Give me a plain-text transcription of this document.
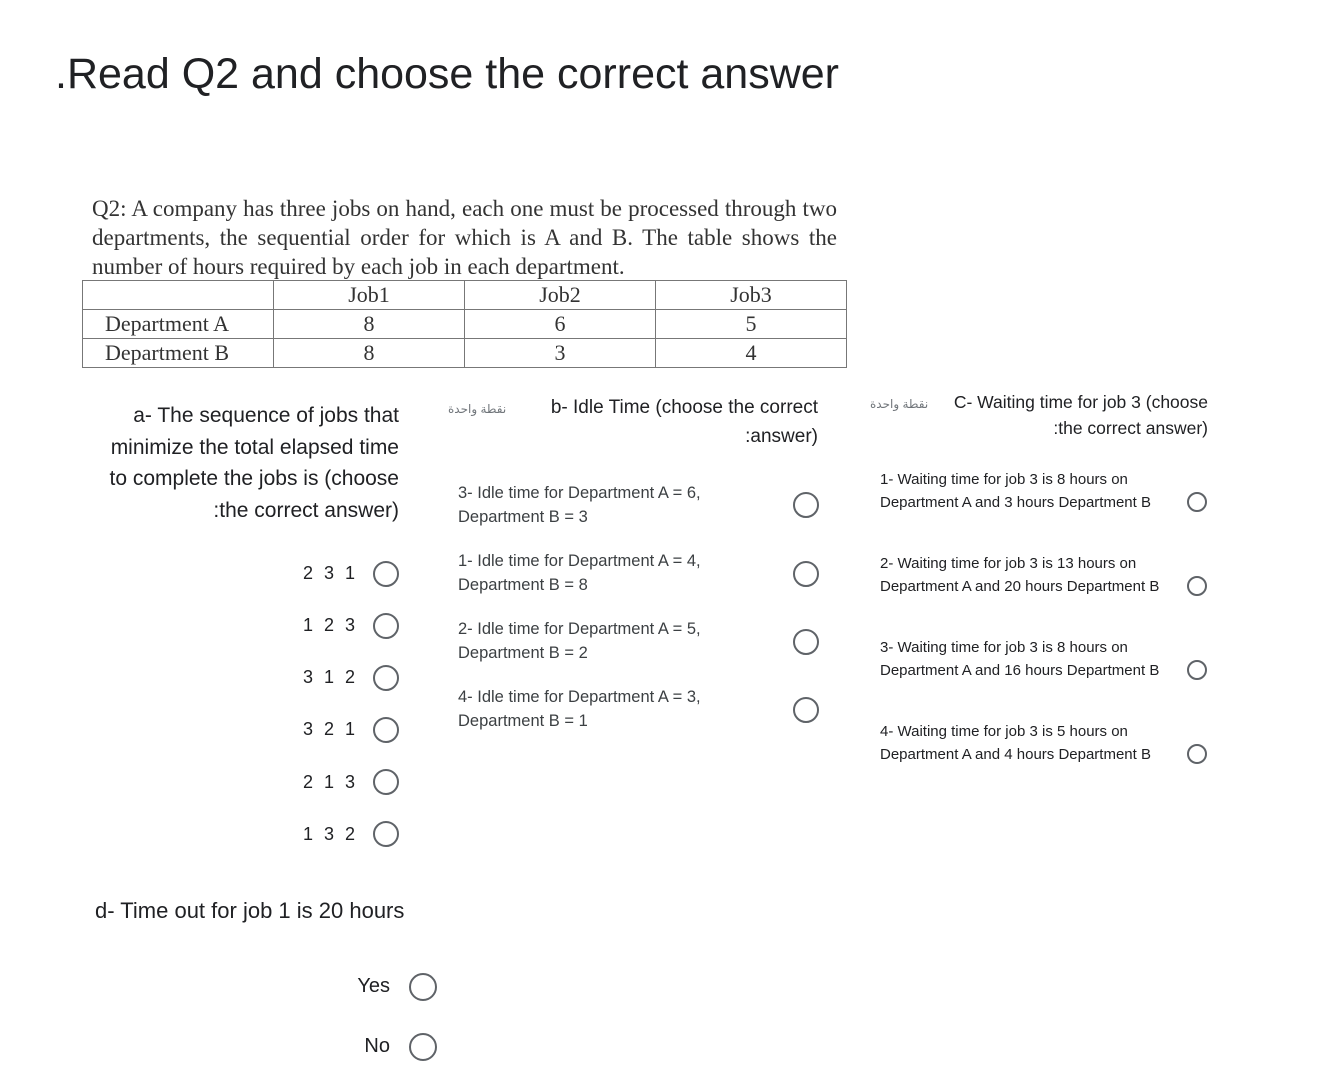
.Read Q2 and choose the correct answer
Q2: A company has three jobs on hand, each one must be processed through two departments, the sequential order for which is A and B. The table shows the number of hours required by each job in each department.
	Job1	Job2	Job3
Department A	8	6	5
Department B	8	3	4
a- The sequence of jobs that minimize the total elapsed time to complete the jobs is (choose :the correct answer)
2 3 1
1 2 3
3 1 2
3 2 1
2 1 3
1 3 2
نقطة واحدة	b- Idle Time (choose the correct :answer)
3- Idle time for Department A = 6, Department B = 3
1- Idle time for Department A = 4, Department B = 8
2- Idle time for Department A = 5, Department B = 2
4- Idle time for Department A = 3, Department B = 1
نقطة واحدة	C- Waiting time for job 3 (choose :the correct answer)
1- Waiting time for job 3 is 8 hours on Department A and 3 hours Department B
2- Waiting time for job 3 is 13 hours on Department A and 20 hours Department B
3- Waiting time for job 3 is 8 hours on Department A and 16 hours Department B
4- Waiting time for job 3 is 5 hours on Department A and 4 hours Department B
d- Time out for job 1 is 20 hours
Yes
No
